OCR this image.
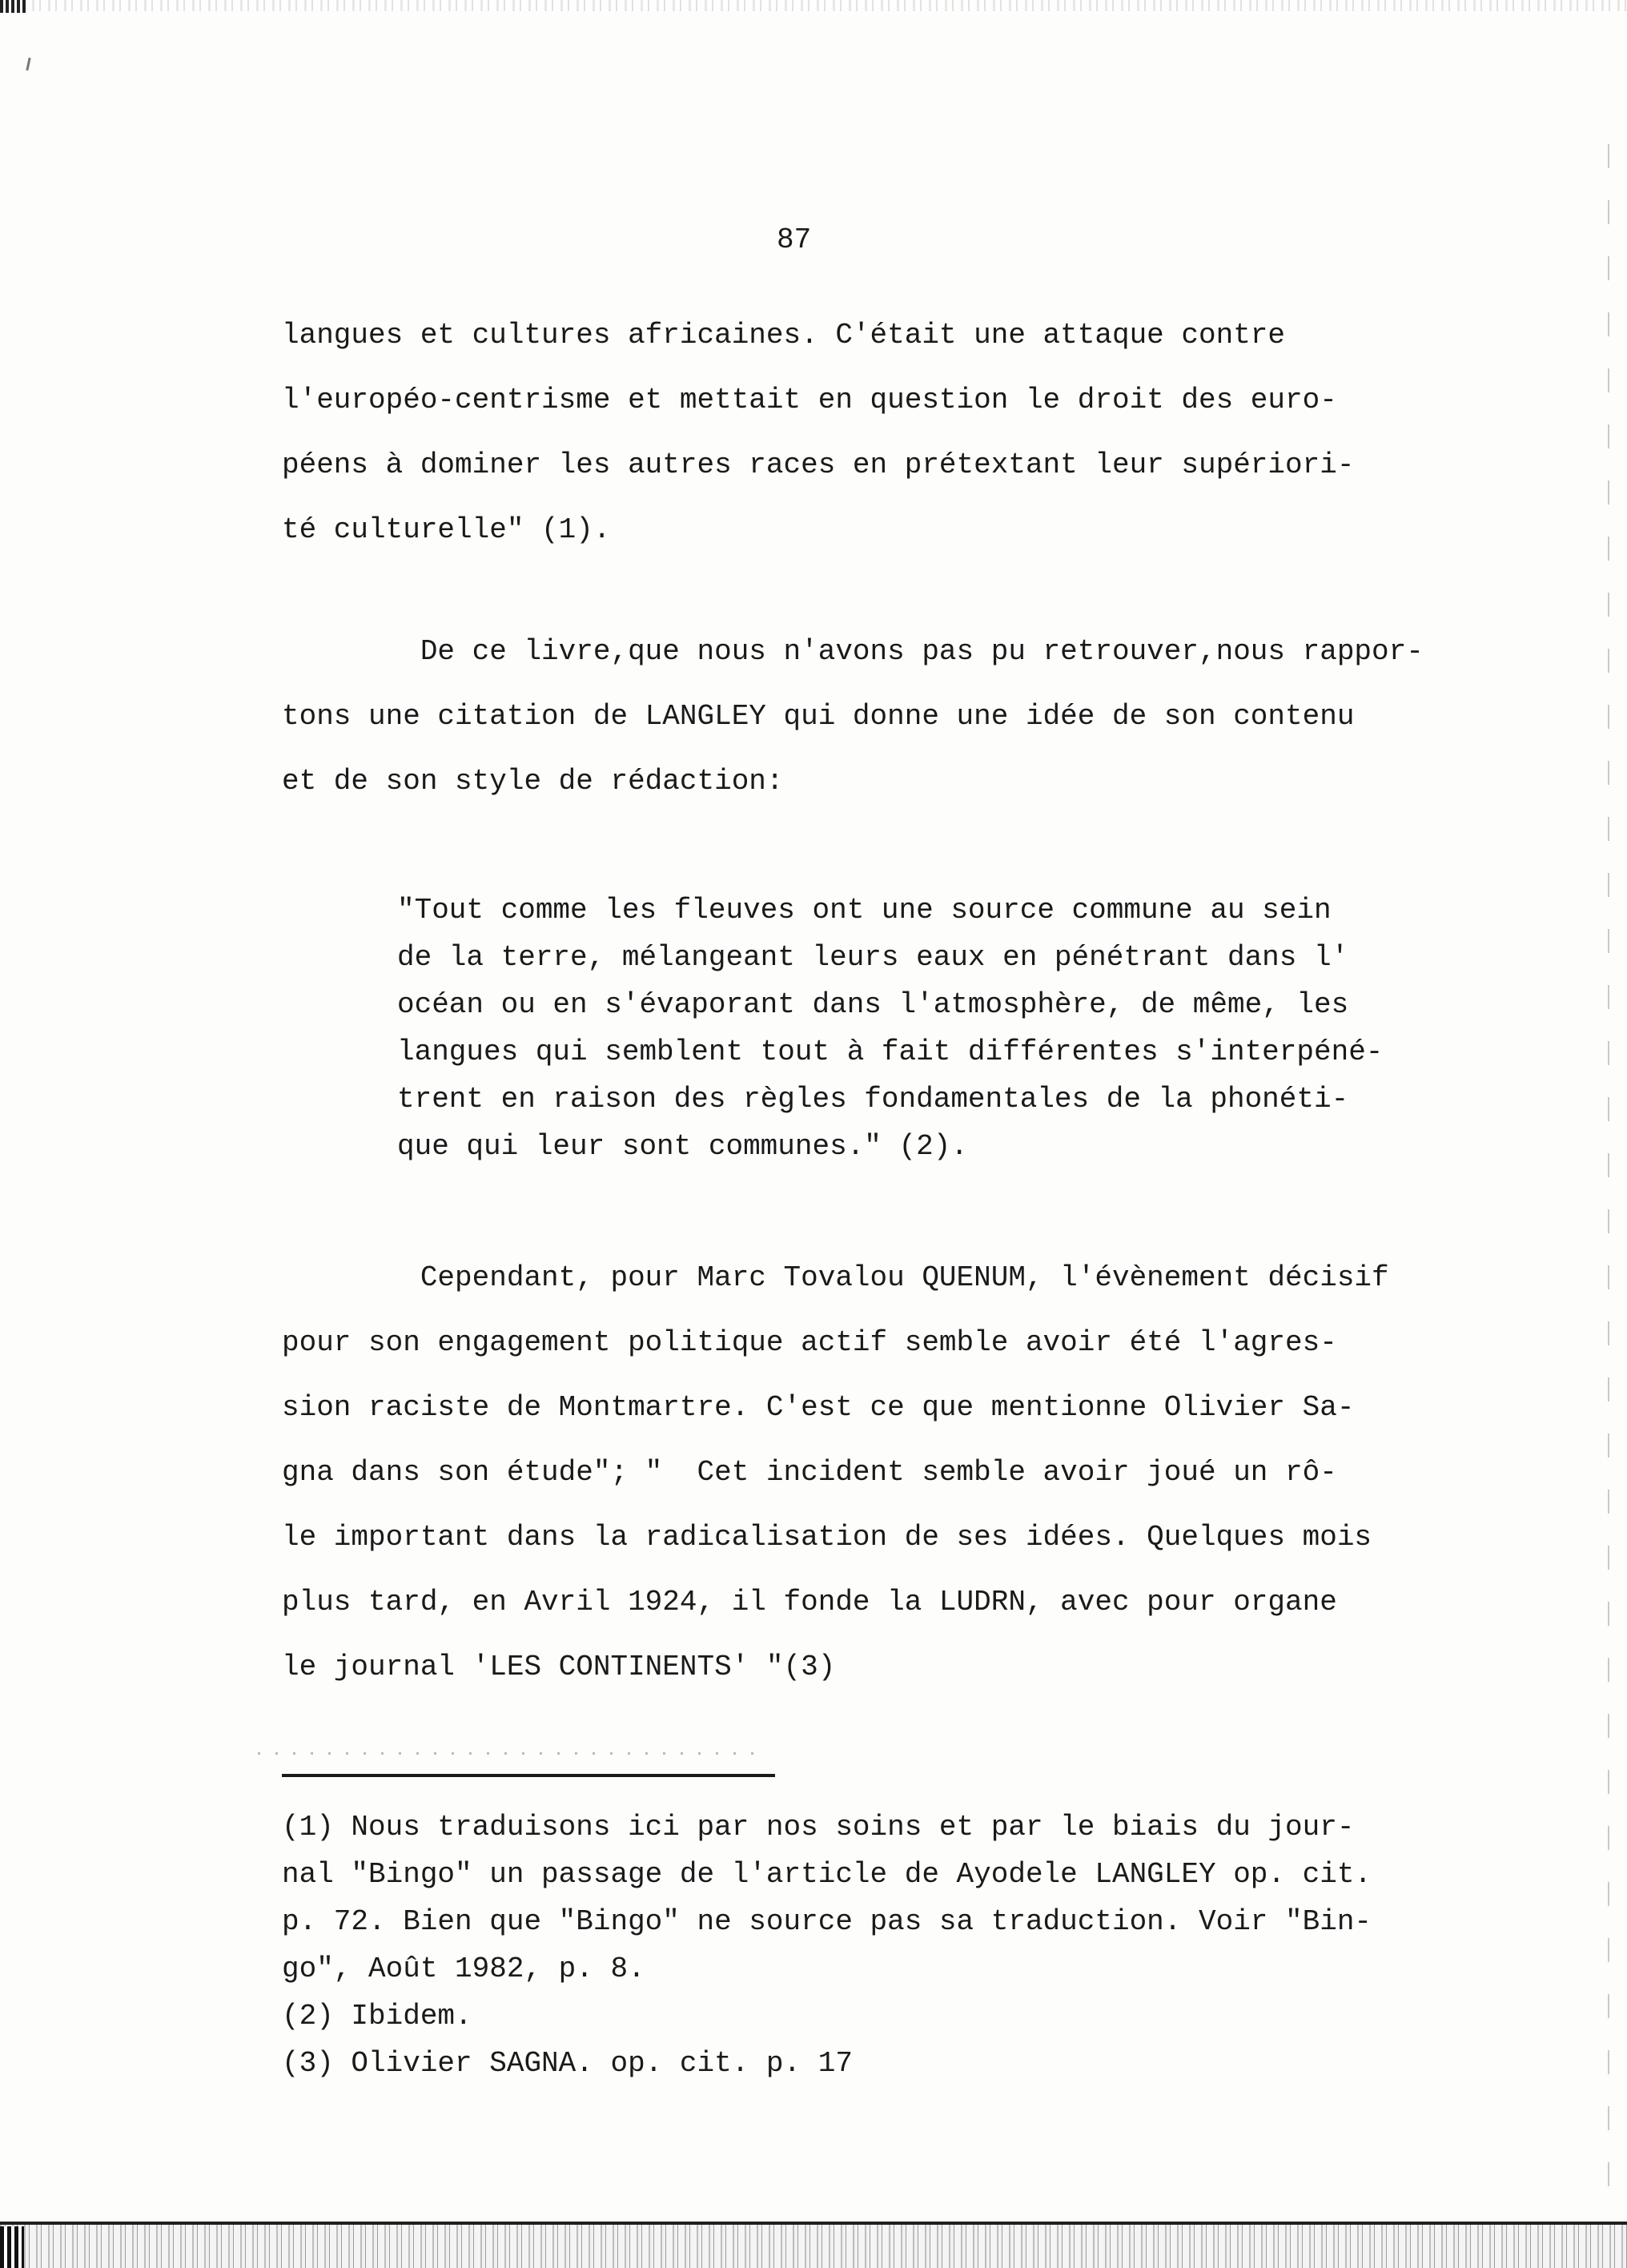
87
langues et cultures africaines. C'était une attaque contre
l'européo-centrisme et mettait en question le droit des euro-
péens à dominer les autres races en prétextant leur supériori-
té culturelle" (1).
De ce livre,que nous n'avons pas pu retrouver,nous rappor-
tons une citation de LANGLEY qui donne une idée de son contenu
et de son style de rédaction:
"Tout comme les fleuves ont une source commune au sein
de la terre, mélangeant leurs eaux en pénétrant dans l'
océan ou en s'évaporant dans l'atmosphère, de même, les
langues qui semblent tout à fait différentes s'interpéné-
trent en raison des règles fondamentales de la phonéti-
que qui leur sont communes." (2).
Cependant, pour Marc Tovalou QUENUM, l'évènement décisif
pour son engagement politique actif semble avoir été l'agres-
sion raciste de Montmartre. C'est ce que mentionne Olivier Sa-
gna dans son étude"; "  Cet incident semble avoir joué un rô-
le important dans la radicalisation de ses idées. Quelques mois
plus tard, en Avril 1924, il fonde la LUDRN, avec pour organe
le journal 'LES CONTINENTS' "(3)
(1) Nous traduisons ici par nos soins et par le biais du jour-
nal "Bingo" un passage de l'article de Ayodele LANGLEY op. cit.
p. 72. Bien que "Bingo" ne source pas sa traduction. Voir "Bin-
go", Août 1982, p. 8.
(2) Ibidem.
(3) Olivier SAGNA. op. cit. p. 17
